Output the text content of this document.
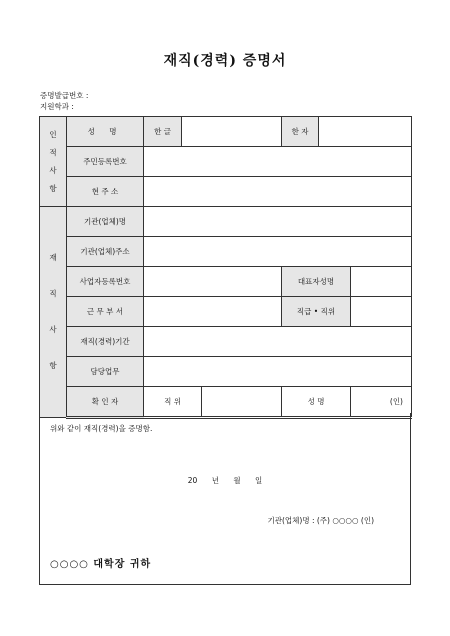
재직(경력) 증명서
증명발급번호 :
지원학과 :
인
적
사
항	성 명	한 글			한 자		
	주민등록번호						
	현 주 소						
재

직

사

항	기관(업체)명						
	기관(업체)주소						
	사업자등록번호				대표자성명		
	근 무 부 서				직급 • 직위		
	재직(경력)기간						
	담당업무						
	확 인 자	직 위			성 명		(인)
위와 같이 재직(경력)을 증명함.
20 년 월 일
기관(업체)명 : (주) ○○○○ (인)
○○○○ 대학장 귀하
